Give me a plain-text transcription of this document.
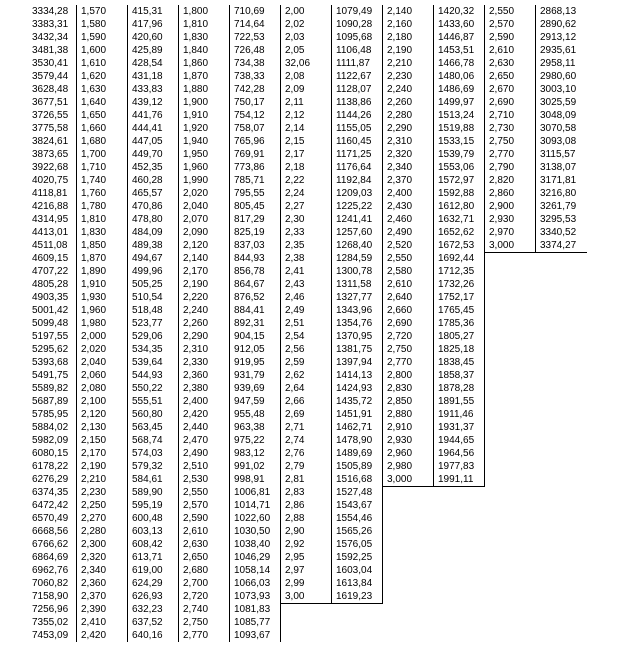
3334,28
3383,31
3432,34
3481,38
3530,41
3579,44
3628,48
3677,51
3726,55
3775,58
3824,61
3873,65
3922,68
4020,75
4118,81
4216,88
4314,95
4413,01
4511,08
4609,15
4707,22
4805,28
4903,35
5001,42
5099,48
5197,55
5295,62
5393,68
5491,75
5589,82
5687,89
5785,95
5884,02
5982,09
6080,15
6178,22
6276,29
6374,35
6472,42
6570,49
6668,56
6766,62
6864,69
6962,76
7060,82
7158,90
7256,96
7355,02
7453,09
1,570
1,580
1,590
1,600
1,610
1,620
1,630
1,640
1,650
1,660
1,680
1,700
1,710
1,740
1,760
1,780
1,810
1,830
1,850
1,870
1,890
1,910
1,930
1,960
1,980
2,000
2,020
2,040
2,060
2,080
2,100
2,120
2,130
2,150
2,170
2,190
2,210
2,230
2,250
2,270
2,280
2,300
2,320
2,340
2,360
2,370
2,390
2,410
2,420
415,31
417,96
420,60
425,89
428,54
431,18
433,83
439,12
441,76
444,41
447,05
449,70
452,35
460,28
465,57
470,86
478,80
484,09
489,38
494,67
499,96
505,25
510,54
518,48
523,77
529,06
534,35
539,64
544,93
550,22
555,51
560,80
563,45
568,74
574,03
579,32
584,61
589,90
595,19
600,48
603,13
608,42
613,71
619,00
624,29
626,93
632,23
637,52
640,16
1,800
1,810
1,830
1,840
1,860
1,870
1,880
1,900
1,910
1,920
1,940
1,950
1,960
1,990
2,020
2,040
2,070
2,090
2,120
2,140
2,170
2,190
2,220
2,240
2,260
2,290
2,310
2,330
2,360
2,380
2,400
2,420
2,440
2,470
2,490
2,510
2,530
2,550
2,570
2,590
2,610
2,630
2,650
2,680
2,700
2,720
2,740
2,750
2,770
710,69
714,64
722,53
726,48
734,38
738,33
742,28
750,17
754,12
758,07
765,96
769,91
773,86
785,71
795,55
805,45
817,29
825,19
837,03
844,93
856,78
864,67
876,52
884,41
892,31
904,15
912,05
919,95
931,79
939,69
947,59
955,48
963,38
975,22
983,12
991,02
998,91
1006,81
1014,71
1022,60
1030,50
1038,40
1046,29
1058,14
1066,03
1073,93
1081,83
1085,77
1093,67
2,00
2,02
2,03
2,05
32,06
2,08
2,09
2,11
2,12
2,14
2,15
2,17
2,18
2,22
2,24
2,27
2,30
2,33
2,35
2,38
2,41
2,43
2,46
2,49
2,51
2,54
2,56
2,59
2,62
2,64
2,66
2,69
2,71
2,74
2,76
2,79
2,81
2,83
2,86
2,88
2,90
2,92
2,95
2,97
2,99
3,00
1079,49
1090,28
1095,68
1106,48
1111,87
1122,67
1128,07
1138,86
1144,26
1155,05
1160,45
1171,25
1176,64
1192,84
1209,03
1225,22
1241,41
1257,60
1268,40
1284,59
1300,78
1311,58
1327,77
1343,96
1354,76
1370,95
1381,75
1397,94
1414,13
1424,93
1435,72
1451,91
1462,71
1478,90
1489,69
1505,89
1516,68
1527,48
1543,67
1554,46
1565,26
1576,05
1592,25
1603,04
1613,84
1619,23
2,140
2,160
2,180
2,190
2,210
2,230
2,240
2,260
2,280
2,290
2,310
2,320
2,340
2,370
2,400
2,430
2,460
2,490
2,520
2,550
2,580
2,610
2,640
2,660
2,690
2,720
2,750
2,770
2,800
2,830
2,850
2,880
2,910
2,930
2,960
2,980
3,000
1420,32
1433,60
1446,87
1453,51
1466,78
1480,06
1486,69
1499,97
1513,24
1519,88
1533,15
1539,79
1553,06
1572,97
1592,88
1612,80
1632,71
1652,62
1672,53
1692,44
1712,35
1732,26
1752,17
1765,45
1785,36
1805,27
1825,18
1838,45
1858,37
1878,28
1891,55
1911,46
1931,37
1944,65
1964,56
1977,83
1991,11
2,550
2,570
2,590
2,610
2,630
2,650
2,670
2,690
2,710
2,730
2,750
2,770
2,790
2,820
2,860
2,900
2,930
2,970
3,000
2868,13
2890,62
2913,12
2935,61
2958,11
2980,60
3003,10
3025,59
3048,09
3070,58
3093,08
3115,57
3138,07
3171,81
3216,80
3261,79
3295,53
3340,52
3374,27
